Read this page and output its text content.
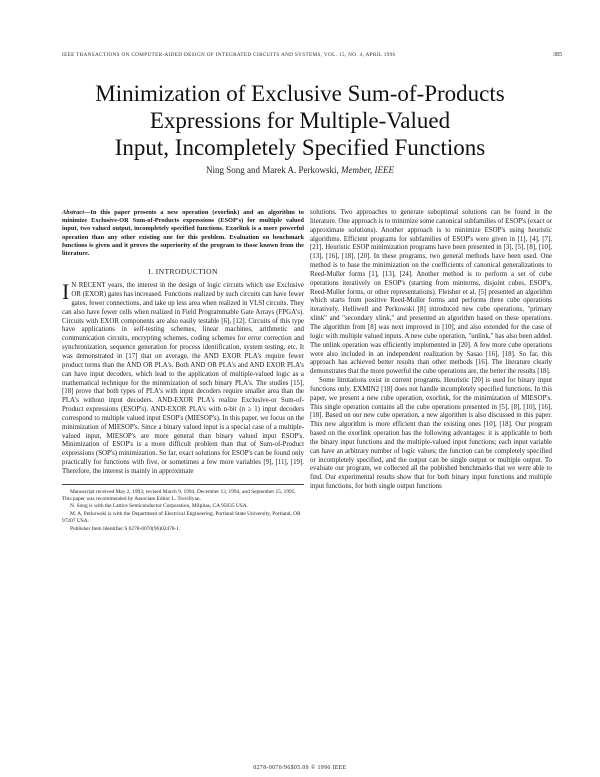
IEEE TRANSACTIONS ON COMPUTER-AIDED DESIGN OF INTEGRATED CIRCUITS AND SYSTEMS, VOL. 15, NO. 4, APRIL 1996	385
Minimization of Exclusive Sum-of-Products
Expressions for Multiple-Valued
Input, Incompletely Specified Functions
Ning Song and Marek A. Perkowski, Member, IEEE

Abstract—In this paper presents a new operation (exorlink) and an algorithm to minimize Exclusive-OR Sum-of-Products expressions (ESOP's) for multiple valued input, two valued output, incompletely specified functions. Exorlink is a more powerful operation than any other existing one for this problem. Evaluation on benchmark functions is given and it proves the superiority of the program to those known from the literature.

I. INTRODUCTION

I N RECENT years, the interest in the design of logic circuits which use Exclusive OR (EXOR) gates has increased. Functions realized by such circuits can have fewer gates, fewer connections, and take up less area when realized in VLSI circuits. They can also have fewer cells when realized in Field Programmable Gate Arrays (FPGA's). Circuits with EXOR components are also easily testable [6], [12]. Circuits of this type have applications in self-testing schemes, linear machines, arithmetic and communication circuits, encrypting schemes, coding schemes for error correction and synchronization, sequence generation for process identification, system testing, etc. It was demonstrated in [17] that on average, the AND EXOR PLA's require fewer product terms than the AND OR PLA's. Both AND OR PLA's and AND EXOR PLA's can have input decoders, which lead to the application of multiple-valued logic as a mathematical technique for the minimization of such binary PLA's. The studies [15], [18] prove that both types of PLA's with input decoders require smaller area than the PLA's without input decoders. AND-EXOR PLA's realize Exclusive-or Sum-of-Product expressions (ESOP's). AND-EXOR PLA's with n-bit (n ≥ 1) input decoders correspond to multiple valued input ESOP's (MIESOP's). In this paper, we focus on the minimization of MIESOP's. Since a binary valued input is a special case of a multiple-valued input, MIESOP's are more general than binary valued input ESOP's. Minimization of ESOP's is a more difficult problem than that of Sum-of-Product expressions (SOP's) minimization. So far, exact solutions for ESOP's can be found only practically for functions with five, or sometimes a few more variables [9], [11], [19]. Therefore, the interest is mainly in approximate

Manuscript received May 2, 1993; revised March 9, 1994, December 13, 1994, and September 15, 1995. This paper was recommended by Associate Editor L. Trevillyan.

N. Song is with the Lattice Semiconductor Corporation, Milpitas, CA 95035 USA.

M. A. Perkowski is with the Department of Electrical Engineering, Portland State University, Portland, OR 97207 USA.

Publisher Item Identifier S 0278-0070(96)02478-1.

solutions. Two approaches to generate suboptimal solutions can be found in the literature. One approach is to minimize some canonical subfamilies of ESOP's (exact or approximate solutions). Another approach is to minimize ESOP's using heuristic algorithms. Efficient programs for subfamilies of ESOP's were given in [1], [4], [7], [21]. Heuristic ESOP minimization programs have been presented in [3], [5], [8], [10], [13], [16], [18], [20]. In these programs, two general methods have been used. One method is to base the minimization on the coefficients of canonical generalizations to Reed-Muller forms [1], [13], [24]. Another method is to perform a set of cube operations iteratively on ESOP's (starting from minterms, disjoint cubes, ESOP's, Reed-Muller forms, or other representations). Fleisher et al. [5] presented an algorithm which starts from positive Reed-Muller forms and performs three cube operations iteratively. Helliwell and Perkowski [8] introduced new cube operations, "primary xlink" and "secondary xlink," and presented an algorithm based on these operations. The algorithm from [8] was next improved in [10], and also extended for the case of logic with multiple valued inputs. A new cube operation, "unlink," has also been added. The unlink operation was efficiently implemented in [20]. A few more cube operations were also included in an independent realization by Sasao [16], [18]. So far, this approach has achieved better results than other methods [16]. The literature clearly demonstrates that the more powerful the cube operations are, the better the results [18].

Some limitations exist in current programs. Heuristic [20] is used for binary input functions only. EXMIN2 [18] does not handle incompletely specified functions. In this paper, we present a new cube operation, exorlink, for the minimization of MIESOP's. This single operation contains all the cube operations presented in [5], [8], [10], [16], [18]. Based on our new cube operation, a new algorithm is also discussed in this paper. This new algorithm is more efficient than the existing ones [10], [18]. Our program based on the exorlink operation has the following advantages: it is applicable to both the binary input functions and the multiple-valued input functions; each input variable can have an arbitrary number of logic values; the function can be completely specified or incompletely specified, and the output can be single output or multiple output. To evaluate our program, we collected all the published benchmarks that we were able to find. Our experimental results show that for both binary input functions and multiple input functions, for both single output functions

0278-0070/96$05.00 © 1996 IEEE
